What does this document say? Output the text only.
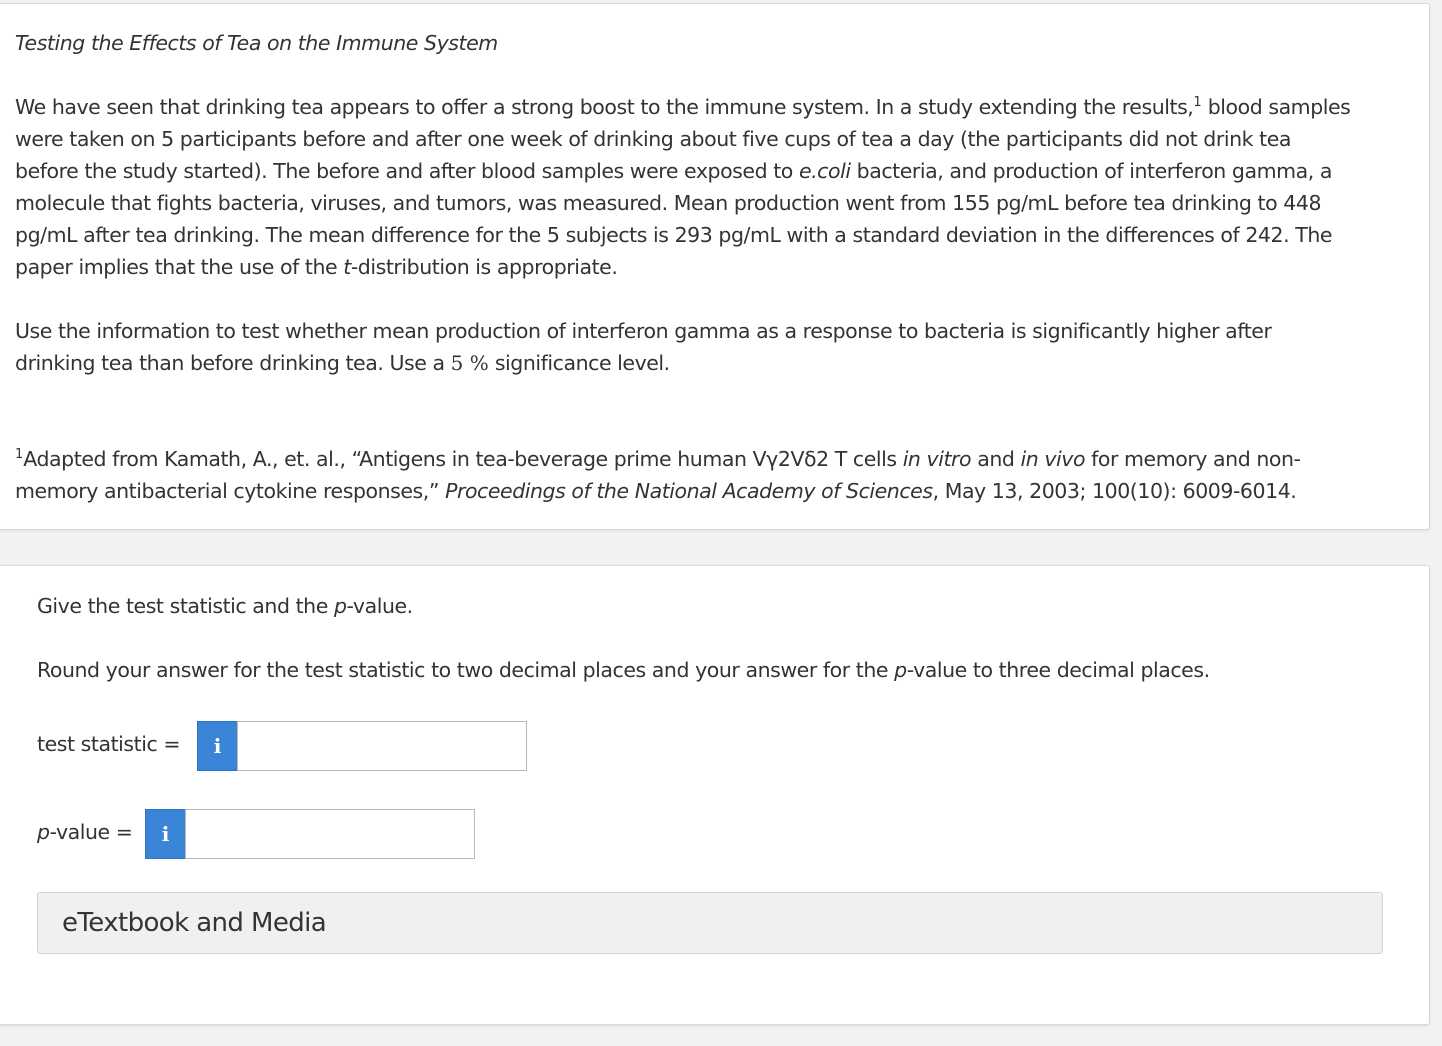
Testing the Effects of Tea on the Immune System
We have seen that drinking tea appears to offer a strong boost to the immune system. In a study extending the results,$^1$ blood samples
were taken on 5 participants before and after one week of drinking about five cups of tea a day (the participants did not drink tea
before the study started). The before and after blood samples were exposed to e.coli bacteria, and production of interferon gamma, a
molecule that fights bacteria, viruses, and tumors, was measured. Mean production went from 155 pg/mL before tea drinking to 448
pg/mL after tea drinking. The mean difference for the 5 subjects is 293 pg/mL with a standard deviation in the differences of 242. The
paper implies that the use of the t-distribution is appropriate.
Use the information to test whether mean production of interferon gamma as a response to bacteria is significantly higher after
drinking tea than before drinking tea. Use a 5 % significance level.
$^1$Adapted from Kamath, A., et. al., “Antigens in tea-beverage prime human Vγ2Vδ2 T cells in vitro and in vivo for memory and non-
memory antibacterial cytokine responses,” Proceedings of the National Academy of Sciences, May 13, 2003; 100(10): 6009-6014.
Give the test statistic and the p-value.
Round your answer for the test statistic to two decimal places and your answer for the p-value to three decimal places.
test statistic =	i
p-value =	i
eTextbook and Media
